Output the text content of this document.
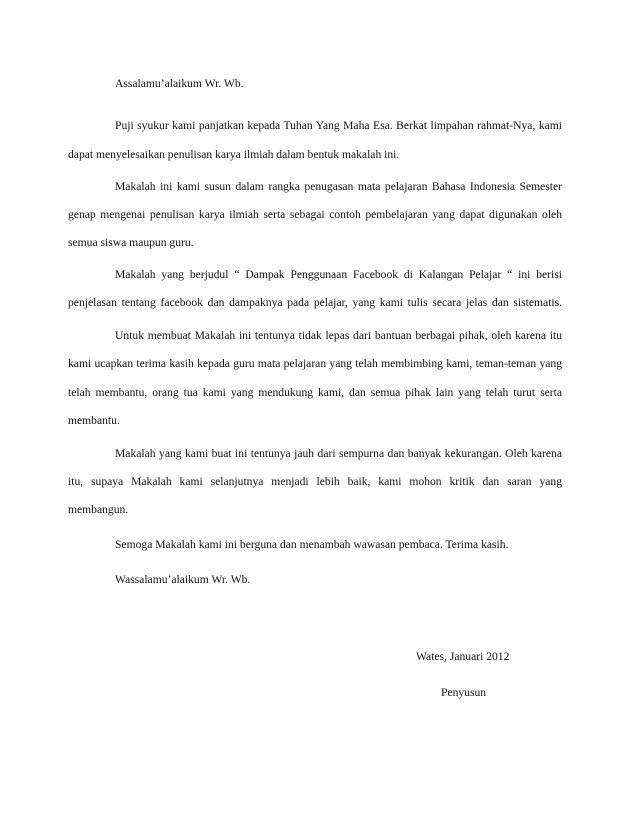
Assalamu’alaikum Wr. Wb.
Puji syukur kami panjatkan kepada Tuhan Yang Maha Esa. Berkat limpahan rahmat-Nya, kami
dapat menyelesaikan penulisan karya ilmiah dalam bentuk makalah ini.
Makalah ini kami susun dalam rangka penugasan mata pelajaran Bahasa Indonesia Semester
genap mengenai penulisan karya ilmiah serta sebagai contoh pembelajaran yang dapat digunakan oleh
semua siswa maupun guru.
Makalah yang berjudul “ Dampak Penggunaan Facebook di Kalangan Pelajar “ ini berisi
penjelasan tentang facebook dan dampaknya pada pelajar, yang kami tulis secara jelas dan sistematis.
Untuk membuat Makalah ini tentunya tidak lepas dari bantuan berbagai pihak, oleh karena itu
kami ucapkan terima kasih kepada guru mata pelajaran yang telah membimbing kami, teman-teman yang
telah membantu, orang tua kami yang mendukung kami, dan semua pihak lain yang telah turut serta
membantu.
Makalah yang kami buat ini tentunya jauh dari sempurna dan banyak kekurangan. Oleh karena
itu, supaya Makalah kami selanjutnya menjadi lebih baik, kami mohon kritik dan saran yang
membangun.
Semoga Makalah kami ini berguna dan menambah wawasan pembaca. Terima kasih.
Wassalamu’alaikum Wr. Wb.
Wates, Januari 2012
Penyusun
